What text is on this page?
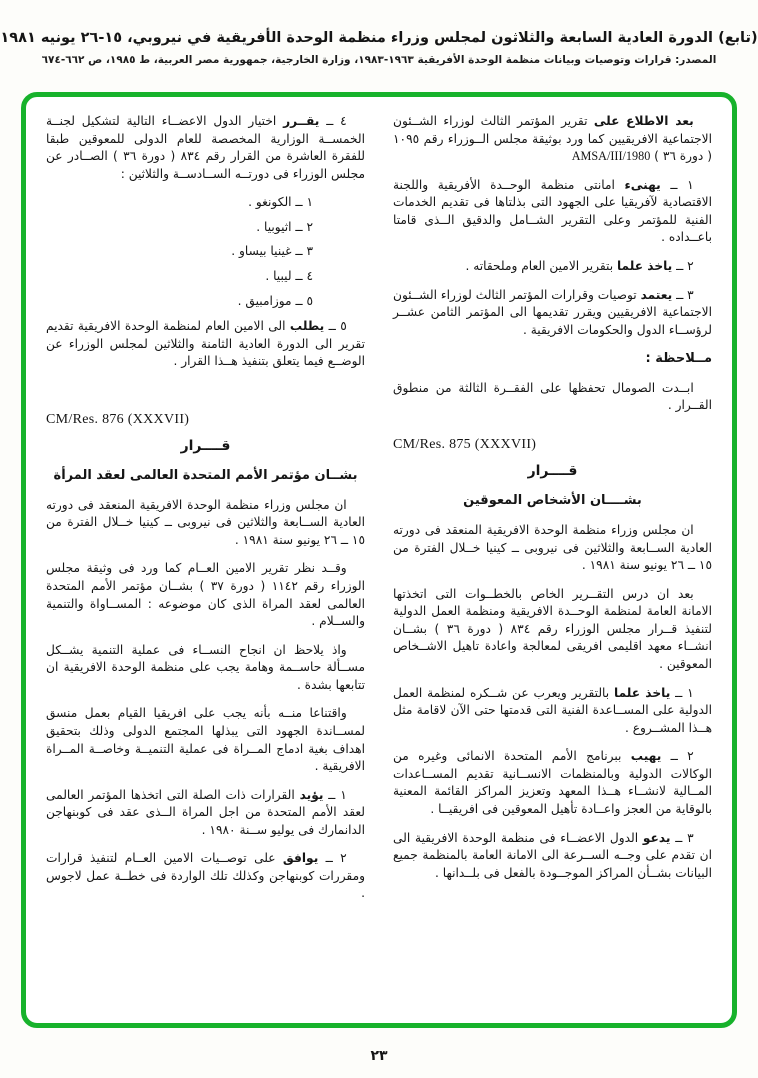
(تابع) الدورة العادية السابعة والثلاثون لمجلس وزراء منظمة الوحدة الأفريقية في نيروبي، ١٥-٢٦ يونيه ١٩٨١
المصدر: قرارات وتوصيات وبيانات منظمة الوحدة الأفريقية ١٩٦٣-١٩٨٣، وزارة الخارجية، جمهورية مصر العربية، ط ١٩٨٥، ص ٦٦٢-٦٧٤

بعد الاطلاع على تقرير المؤتمر الثالث لوزراء الشــئون الاجتماعية الافريقيين كما ورد بوثيقة مجلس الــوزراء رقم ١٠٩٥ ( دورة ٣٦ ) AMSA/III/1980

١ ــ يهنىء امانتى منظمة الوحــدة الأفريقية واللجنة الاقتصادية لآفريقيا على الجهود التى بذلتاها فى تقديم الخدمات الفنية للمؤتمر وعلى التقرير الشــامل والدقيق الــذى قامتا باعــداده .

٢ ــ ياخذ علما بتقرير الامين العام وملحقاته .

٣ ــ يعتمد توصيات وقرارات المؤتمر الثالث لوزراء الشــئون الاجتماعية الافريقيين ويقرر تقديمها الى المؤتمر الثامن عشــر لرؤســاء الدول والحكومات الافريقية .

مــلاحظة :

ابــدت الصومال تحفظها على الفقــرة الثالثة من منطوق القــرار .

CM/Res. 875 (XXXVII)

قــــرار

بشــــان الأشخاص المعوقين

ان مجلس وزراء منظمة الوحدة الافريقية المنعقد فى دورته العادية الســابعة والثلاثين فى نيروبى ــ كينيا خــلال الفترة من ١٥ ــ ٢٦ يونيو سنة ١٩٨١ .

بعد ان درس التقــرير الخاص بالخطــوات التى اتخذتها الامانة العامة لمنظمة الوحــدة الافريقية ومنظمة العمل الدولية لتنفيذ قــرار مجلس الوزراء رقم ٨٣٤ ( دورة ٣٦ ) بشــان انشــاء معهد اقليمى افريقى لمعالجة واعادة تاهيل الاشــخاص المعوقين .

١ ــ ياخذ علما بالتقرير ويعرب عن شــكره لمنظمة العمل الدولية على المســاعدة الفنية التى قدمتها حتى الآن لاقامة مثل هــذا المشــروع .

٢ ــ يهيب ببرنامج الأمم المتحدة الانمائى وغيره من الوكالات الدولية وبالمنظمات الانســانية تقديم المســاعدات المــالية لانشــاء هــذا المعهد وتعزيز المراكز القائمة المعنية بالوقاية من العجز واعــادة تأهيل المعوقين فى افريقيــا .

٣ ــ يدعو الدول الاعضــاء فى منظمة الوحدة الافريقية الى ان تقدم على وجــه الســرعة الى الامانة العامة بالمنظمة جميع البيانات بشــأن المراكز الموجــودة بالفعل فى بلــدانها .

٤ ــ يقــرر اختيار الدول الاعضــاء التالية لتشكيل لجنــة الخمســة الوزارية المخصصة للعام الدولى للمعوقين طبقا للفقرة العاشرة من القرار رقم ٨٣٤ ( دورة ٣٦ ) الصــادر عن مجلس الوزراء فى دورتــه الســادســة والثلاثين :

١ ــ الكونغو .

٢ ــ اثيوبيا .

٣ ــ غينيا بيساو .

٤ ــ ليبيا .

٥ ــ موزامبيق .

٥ ــ يطلب الى الامين العام لمنظمة الوحدة الافريقية تقديم تقرير الى الدورة العادية الثامنة والثلاثين لمجلس الوزراء عن الوضــع فيما يتعلق بتنفيذ هــذا القرار .

CM/Res. 876 (XXXVII)

قــــرار

بشــان مؤتمر الأمم المتحدة العالمى لعقد المرأة

ان مجلس وزراء منظمة الوحدة الافريقية المنعقد فى دورته العادية الســابعة والثلاثين فى نيروبى ــ كينيا خــلال الفترة من ١٥ ــ ٢٦ يونيو سنة ١٩٨١ .

وقــد نظر تقرير الامين العــام كما ورد فى وثيقة مجلس الوزراء رقم ١١٤٢ ( دورة ٣٧ ) بشــان مؤتمر الأمم المتحدة العالمى لعقد المراة الذى كان موضوعه : المســاواة والتنمية والســلام .

واذ يلاحظ ان انجاح النســاء فى عملية التنمية يشــكل مســألة حاســمة وهامة يجب على منظمة الوحدة الافريقية ان تتابعها بشدة .

واقتناعا منــه بأنه يجب على افريقيا القيام بعمل منسق لمســاندة الجهود التى يبذلها المجتمع الدولى وذلك بتحقيق اهداف بغية ادماج المــراة فى عملية التنميــة وخاصــة المــراة الافريقية .

١ ــ يؤيد القرارات ذات الصلة التى اتخذها المؤتمر العالمى لعقد الأمم المتحدة من اجل المراة الــذى عقد فى كوبنهاجن الدانمارك فى يوليو ســنة ١٩٨٠ .

٢ ــ يوافق على توصــيات الامين العــام لتنفيذ قرارات ومقررات كوبنهاجن وكذلك تلك الواردة فى خطــة عمل لاجوس .

٢٣
